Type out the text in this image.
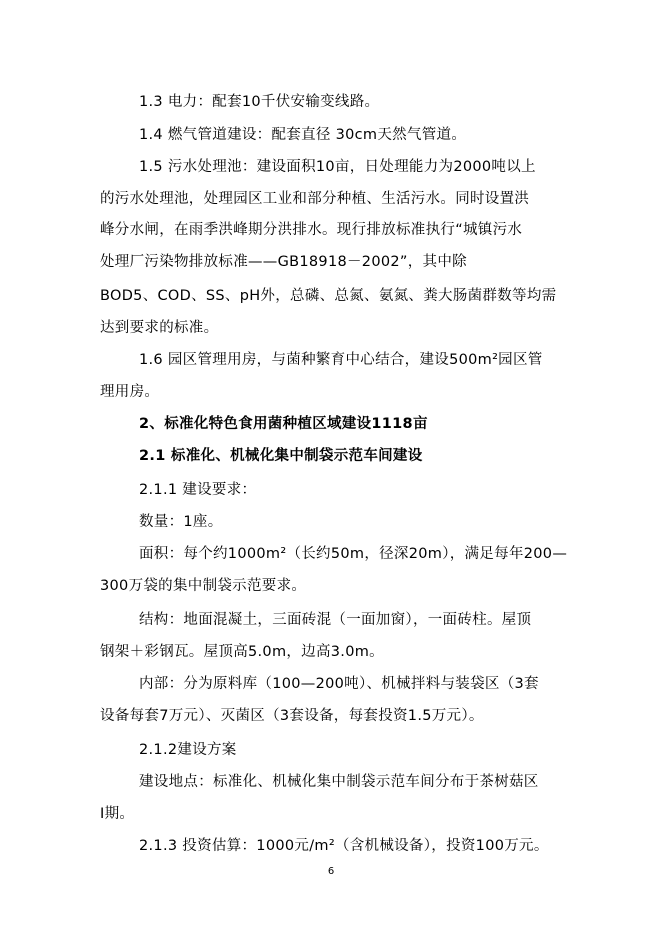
1.3 电力：配套10千伏安输变线路。
1.4 燃气管道建设：配套直径 30cm天然气管道。
1.5 污水处理池：建设面积10亩，日处理能力为2000吨以上
的污水处理池，处理园区工业和部分种植、生活污水。同时设置洪
峰分水闸，在雨季洪峰期分洪排水。现行排放标准执行“城镇污水
处理厂污染物排放标准——GB18918－2002”，其中除
BOD5、COD、SS、pH外，总磷、总氮、氨氮、粪大肠菌群数等均需
达到要求的标准。
1.6 园区管理用房，与菌种繁育中心结合，建设500m²园区管
理用房。
2、标准化特色食用菌种植区域建设1118亩
2.1 标准化、机械化集中制袋示范车间建设
2.1.1 建设要求：
数量：1座。
面积：每个约1000m²（长约50m，径深20m），满足每年200—
300万袋的集中制袋示范要求。
结构：地面混凝土，三面砖混（一面加窗），一面砖柱。屋顶
钢架＋彩钢瓦。屋顶高5.0m，边高3.0m。
内部：分为原料库（100—200吨）、机械拌料与装袋区（3套
设备每套7万元）、灭菌区（3套设备，每套投资1.5万元）。
2.1.2建设方案
建设地点：标准化、机械化集中制袋示范车间分布于茶树菇区
Ⅰ期。
2.1.3 投资估算：1000元/m²（含机械设备），投资100万元。
6
